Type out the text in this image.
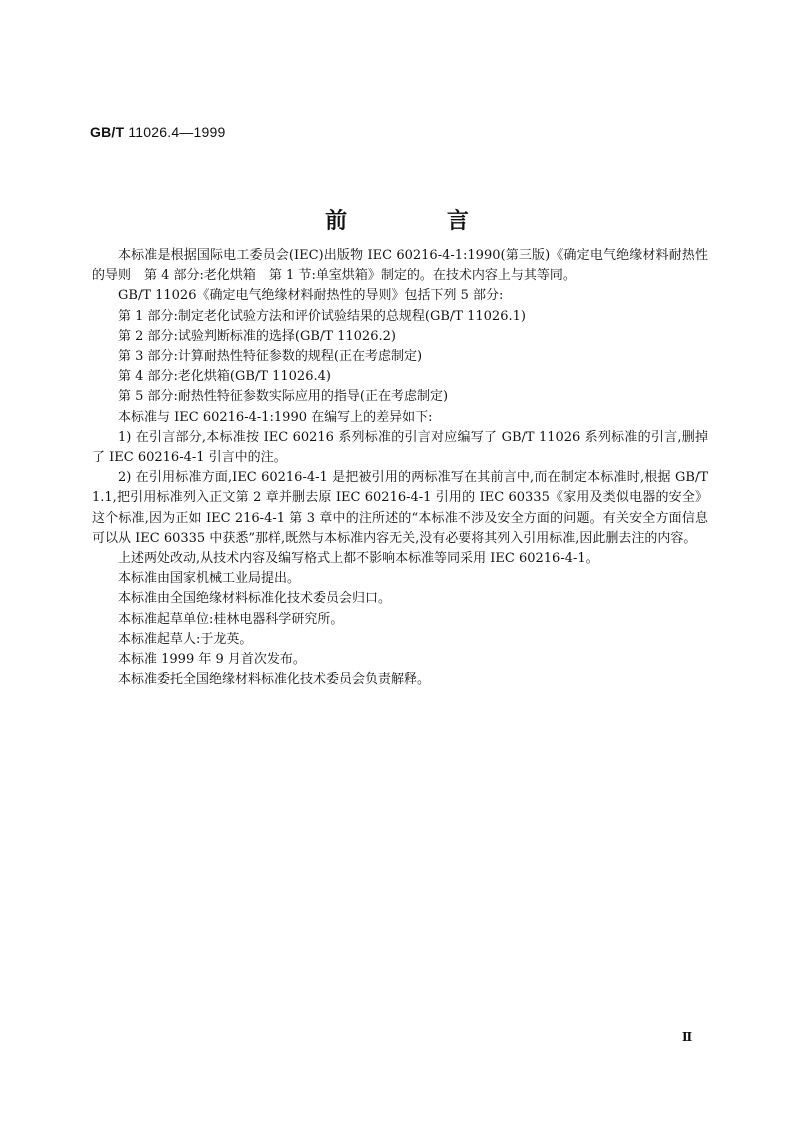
GB/T 11026.4—1999
前 言

本标准是根据国际电工委员会(IEC)出版物 IEC 60216-4-1:1990(第三版)《确定电气绝缘材料耐热性的导则　第 4 部分:老化烘箱　第 1 节:单室烘箱》制定的。在技术内容上与其等同。

GB/T 11026《确定电气绝缘材料耐热性的导则》包括下列 5 部分:

第 1 部分:制定老化试验方法和评价试验结果的总规程(GB/T 11026.1)

第 2 部分:试验判断标准的选择(GB/T 11026.2)

第 3 部分:计算耐热性特征参数的规程(正在考虑制定)

第 4 部分:老化烘箱(GB/T 11026.4)

第 5 部分:耐热性特征参数实际应用的指导(正在考虑制定)

本标准与 IEC 60216-4-1:1990 在编写上的差异如下:

1) 在引言部分,本标准按 IEC 60216 系列标准的引言对应编写了 GB/T 11026 系列标准的引言,删掉了 IEC 60216-4-1 引言中的注。

2) 在引用标准方面,IEC 60216-4-1 是把被引用的两标准写在其前言中,而在制定本标准时,根据 GB/T 1.1,把引用标准列入正文第 2 章并删去原 IEC 60216-4-1 引用的 IEC 60335《家用及类似电器的安全》这个标准,因为正如 IEC 216-4-1 第 3 章中的注所述的“本标准不涉及安全方面的问题。有关安全方面信息可以从 IEC 60335 中获悉”那样,既然与本标准内容无关,没有必要将其列入引用标准,因此删去注的内容。

上述两处改动,从技术内容及编写格式上都不影响本标准等同采用 IEC 60216-4-1。

本标准由国家机械工业局提出。

本标准由全国绝缘材料标准化技术委员会归口。

本标准起草单位:桂林电器科学研究所。

本标准起草人:于龙英。

本标准 1999 年 9 月首次发布。

本标准委托全国绝缘材料标准化技术委员会负责解释。

Ⅱ
